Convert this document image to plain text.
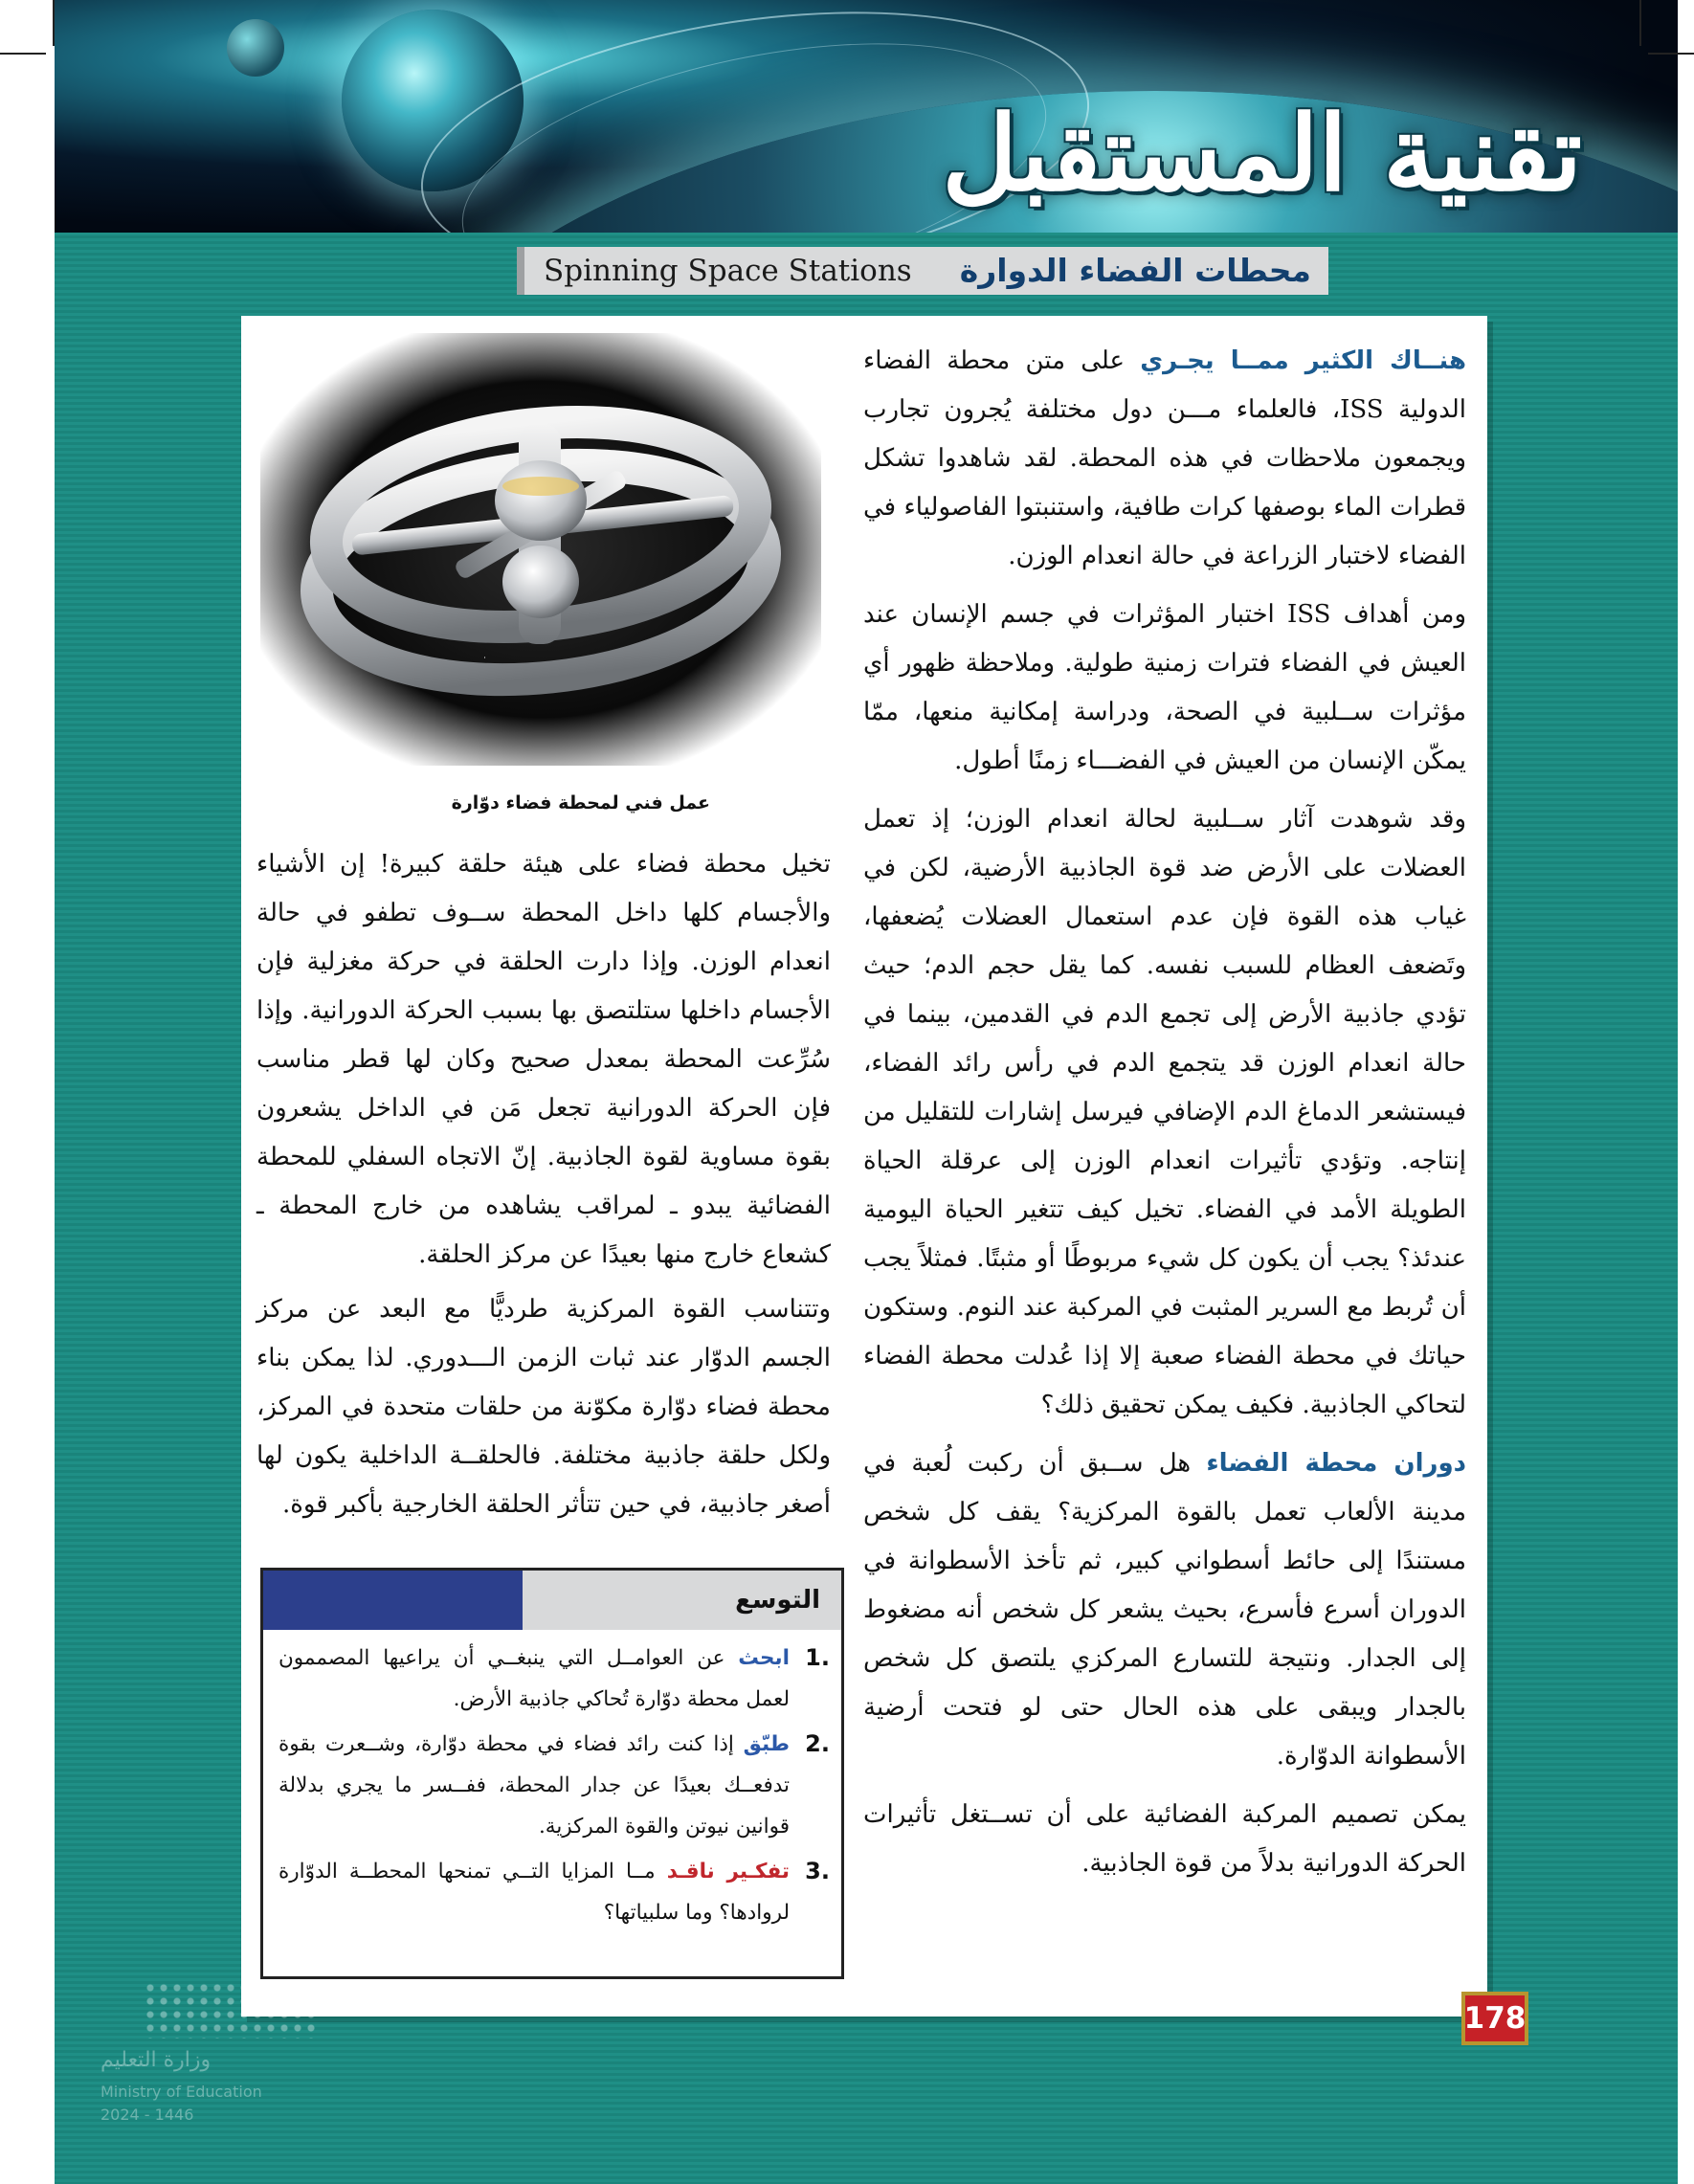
تقنية المستقبل
محطات الفضاء الدوارة
Spinning Space Stations

هنــاك الكثير ممــا يجـري على متن محطة الفضاء الدولية ISS، فالعلماء مـــن دول مختلفة يُجرون تجارب ويجمعون ملاحظات في هذه المحطة. لقد شاهدوا تشكل قطرات الماء بوصفها كرات طافية، واستنبتوا الفاصولياء في الفضاء لاختبار الزراعة في حالة انعدام الوزن.

ومن أهداف ISS اختبار المؤثرات في جسم الإنسان عند العيش في الفضاء فترات زمنية طولية. وملاحظة ظهور أي مؤثرات ســلبية في الصحة، ودراسة إمكانية منعها، ممّا يمكّن الإنسان من العيش في الفضـــاء زمنًا أطول.

وقد شوهدت آثار ســلبية لحالة انعدام الوزن؛ إذ تعمل العضلات على الأرض ضد قوة الجاذبية الأرضية، لكن في غياب هذه القوة فإن عدم استعمال العضلات يُضعفها، وتَضعف العظام للسبب نفسه. كما يقل حجم الدم؛ حيث تؤدي جاذبية الأرض إلى تجمع الدم في القدمين، بينما في حالة انعدام الوزن قد يتجمع الدم في رأس رائد الفضاء، فيستشعر الدماغ الدم الإضافي فيرسل إشارات للتقليل من إنتاجه. وتؤدي تأثيرات انعدام الوزن إلى عرقلة الحياة الطويلة الأمد في الفضاء. تخيل كيف تتغير الحياة اليومية عندئذ؟ يجب أن يكون كل شيء مربوطًا أو مثبتًا. فمثلاً يجب أن تُربط مع السرير المثبت في المركبة عند النوم. وستكون حياتك في محطة الفضاء صعبة إلا إذا عُدلت محطة الفضاء لتحاكي الجاذبية. فكيف يمكن تحقيق ذلك؟

دوران محطة الفضاء هل ســبق أن ركبت لُعبة في مدينة الألعاب تعمل بالقوة المركزية؟ يقف كل شخص مستندًا إلى حائط أسطواني كبير، ثم تأخذ الأسطوانة في الدوران أسرع فأسرع، بحيث يشعر كل شخص أنه مضغوط إلى الجدار. ونتيجة للتسارع المركزي يلتصق كل شخص بالجدار ويبقى على هذه الحال حتى لو فتحت أرضية الأسطوانة الدوّارة.

يمكن تصميم المركبة الفضائية على أن تســتغل تأثيرات الحركة الدورانية بدلاً من قوة الجاذبية.

عمل فني لمحطة فضاء دوّارة

تخيل محطة فضاء على هيئة حلقة كبيرة! إن الأشياء والأجسام كلها داخل المحطة ســوف تطفو في حالة انعدام الوزن. وإذا دارت الحلقة في حركة مغزلية فإن الأجسام داخلها ستلتصق بها بسبب الحركة الدورانية. وإذا سُرِّعت المحطة بمعدل صحيح وكان لها قطر مناسب فإن الحركة الدورانية تجعل مَن في الداخل يشعرون بقوة مساوية لقوة الجاذبية. إنّ الاتجاه السفلي للمحطة الفضائية يبدو ـ لمراقب يشاهده من خارج المحطة ـ كشعاع خارج منها بعيدًا عن مركز الحلقة.

وتتناسب القوة المركزية طرديًّا مع البعد عن مركز الجسم الدوّار عند ثبات الزمن الـــدوري. لذا يمكن بناء محطة فضاء دوّارة مكوّنة من حلقات متحدة في المركز، ولكل حلقة جاذبية مختلفة. فالحلقــة الداخلية يكون لها أصغر جاذبية، في حين تتأثر الحلقة الخارجية بأكبر قوة.

التوسع
.1
ابحث عن العوامــل التي ينبغــي أن يراعيها المصممون لعمل محطة دوّارة تُحاكي جاذبية الأرض.
.2
طبّق إذا كنت رائد فضاء في محطة دوّارة، وشــعرت بقوة تدفعــك بعيدًا عن جدار المحطة، ففــسر ما يجري بدلالة قوانين نيوتن والقوة المركزية.
.3
تفكـير ناقـد مــا المزايا التــي تمنحها المحطــة الدوّارة لروادها؟ وما سلبياتها؟
178
وزارة التعليم
Ministry of Education
2024 - 1446
